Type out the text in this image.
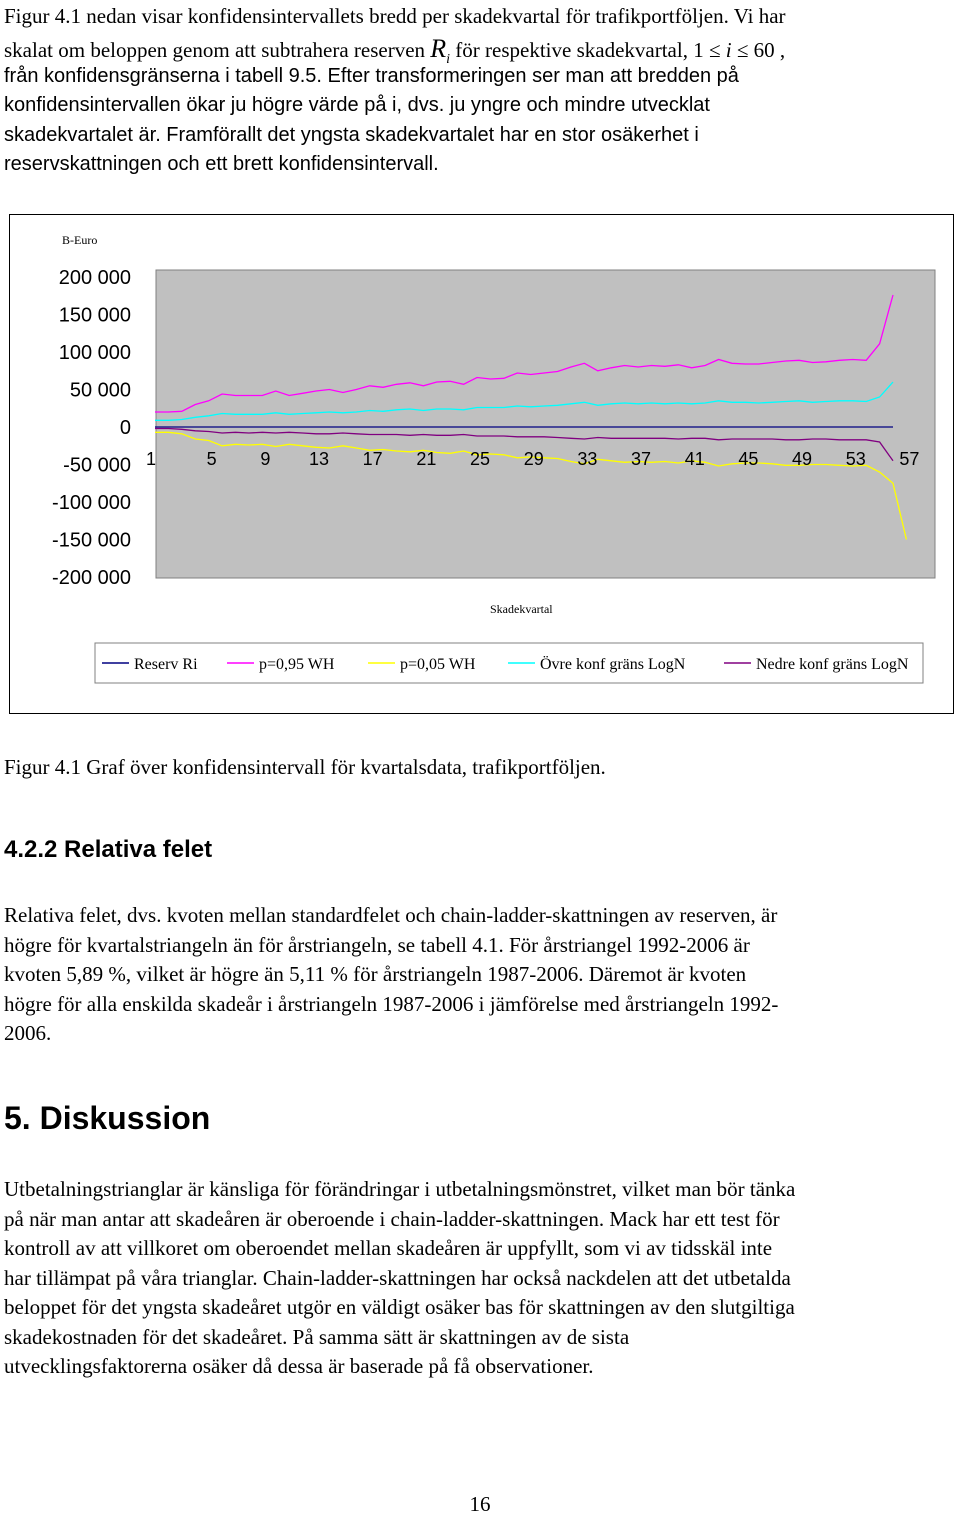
Figur 4.1 nedan visar konfidensintervallets bredd per skadekvartal för trafikportföljen. Vi har
skalat om beloppen genom att subtrahera reserven $R_i$ för respektive skadekvartal, 1 ≤ i ≤ 60 ,
från konfidensgränserna i tabell 9.5. Efter transformeringen ser man att bredden på
konfidensintervallen ökar ju högre värde på i, dvs. ju yngre och mindre utvecklat
skadekvartalet är. Framförallt det yngsta skadekvartalet har en stor osäkerhet i
reservskattningen och ett brett konfidensintervall.
B-Euro
Skadekvartal
200 000
150 000
100 000
50 000
0
-50 000
-100 000
-150 000
-200 000
1	5 9 13 17 21 25 29 33 37 41 45 49 53 57
Reserv Ri	p=0,95 WH	p=0,05 WH	Övre konf gräns LogN	Nedre konf gräns LogN
Figur 4.1 Graf över konfidensintervall för kvartalsdata, trafikportföljen.
4.2.2 Relativa felet
Relativa felet, dvs. kvoten mellan standardfelet och chain-ladder-skattningen av reserven, är
högre för kvartalstriangeln än för årstriangeln, se tabell 4.1. För årstriangel 1992-2006 är
kvoten 5,89 %, vilket är högre än 5,11 % för årstriangeln 1987-2006. Däremot är kvoten
högre för alla enskilda skadeår i årstriangeln 1987-2006 i jämförelse med årstriangeln 1992-
2006.
5. Diskussion
Utbetalningstrianglar är känsliga för förändringar i utbetalningsmönstret, vilket man bör tänka
på när man antar att skadeåren är oberoende i chain-ladder-skattningen. Mack har ett test för
kontroll av att villkoret om oberoendet mellan skadeåren är uppfyllt, som vi av tidsskäl inte
har tillämpat på våra trianglar. Chain-ladder-skattningen har också nackdelen att det utbetalda
beloppet för det yngsta skadeåret utgör en väldigt osäker bas för skattningen av den slutgiltiga
skadekostnaden för det skadeåret. På samma sätt är skattningen av de sista
utvecklingsfaktorerna osäker då dessa är baserade på få observationer.
16
